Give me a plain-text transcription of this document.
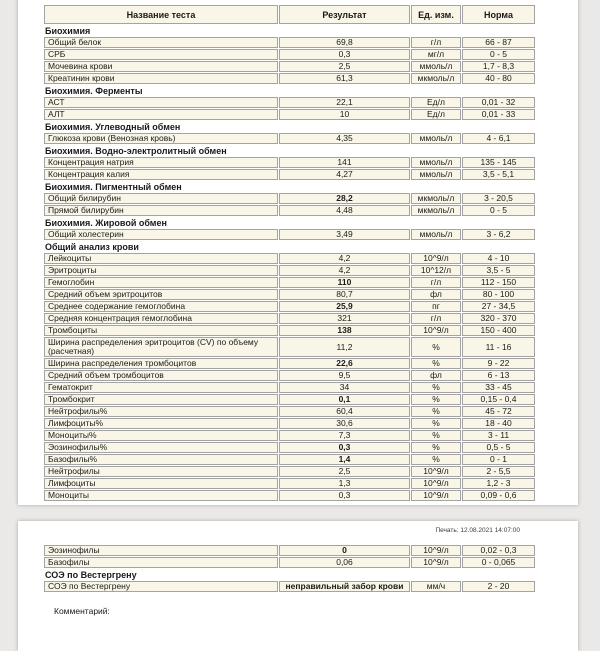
Название теста	Результат	Ед. изм.	Норма
Биохимия			
Общий белок	69,8	г/л	66 - 87
СРБ	0,3	мг/л	0 - 5
Мочевина крови	2,5	ммоль/л	1,7 - 8,3
Креатинин крови	61,3	мкмоль/л	40 - 80
Биохимия. Ферменты			
АСТ	22,1	Ед/л	0,01 - 32
АЛТ	10	Ед/л	0,01 - 33
Биохимия. Углеводный обмен			
Глюкоза крови (Венозная кровь)	4,35	ммоль/л	4 - 6,1
Биохимия. Водно-электролитный обмен			
Концентрация натрия	141	ммоль/л	135 - 145
Концентрация калия	4,27	ммоль/л	3,5 - 5,1
Биохимия. Пигментный обмен			
Общий билирубин	28,2	мкмоль/л	3 - 20,5
Прямой билирубин	4,48	мкмоль/л	0 - 5
Биохимия. Жировой обмен			
Общий холестерин	3,49	ммоль/л	3 - 6,2
Общий анализ крови			
Лейкоциты	4,2	10^9/л	4 - 10
Эритроциты	4,2	10^12/л	3,5 - 5
Гемоглобин	110	г/л	112 - 150
Средний объем эритроцитов	80,7	фл	80 - 100
Среднее содержание гемоглобина	25,9	пг	27 - 34,5
Средняя концентрация гемоглобина	321	г/л	320 - 370
Тромбоциты	138	10^9/л	150 - 400
Ширина распределения эритроцитов (CV) по объему (расчетная)	11,2	%	11 - 16
Ширина распределения тромбоцитов	22,6	%	9 - 22
Средний объем тромбоцитов	9,5	фл	6 - 13
Гематокрит	34	%	33 - 45
Тромбокрит	0,1	%	0,15 - 0,4
Нейтрофилы%	60,4	%	45 - 72
Лимфоциты%	30,6	%	18 - 40
Моноциты%	7,3	%	3 - 11
Эозинофилы%	0,3	%	0,5 - 5
Базофилы%	1,4	%	0 - 1
Нейтрофилы	2,5	10^9/л	2 - 5,5
Лимфоциты	1,3	10^9/л	1,2 - 3
Моноциты	0,3	10^9/л	0,09 - 0,6
Печать: 12.08.2021 14:07:00
Эозинофилы	0	10^9/л	0,02 - 0,3
Базофилы	0,06	10^9/л	0 - 0,065
СОЭ по Вестергрену			
СОЭ по Вестергрену	неправильный забор крови	мм/ч	2 - 20
Комментарий:
